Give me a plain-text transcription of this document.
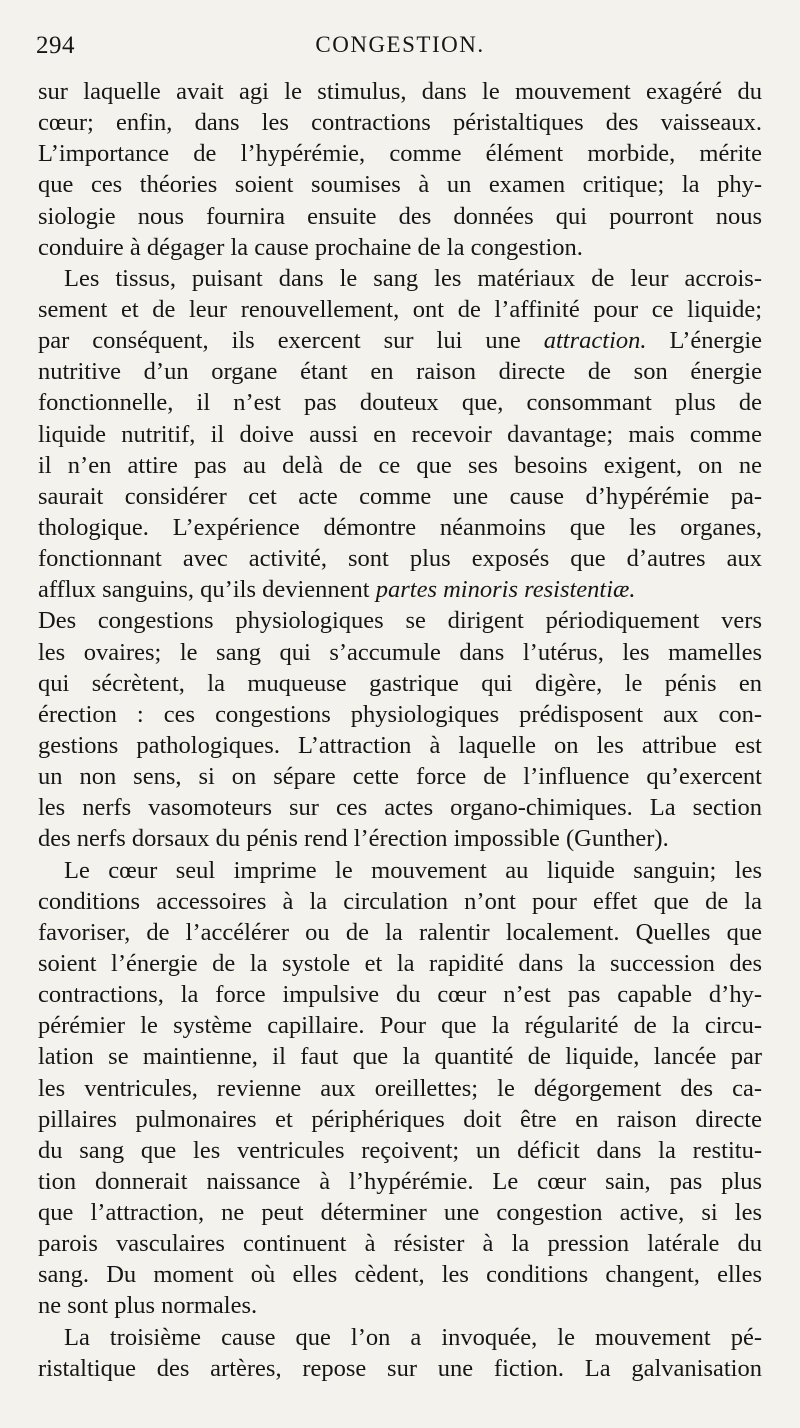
294	CONGESTION.
sur laquelle avait agi le stimulus, dans le mouvement exagéré du
cœur; enfin, dans les contractions péristaltiques des vaisseaux.
L’importance de l’hypérémie, comme élément morbide, mérite
que ces théories soient soumises à un examen critique; la phy-
siologie nous fournira ensuite des données qui pourront nous
conduire à dégager la cause prochaine de la congestion.
Les tissus, puisant dans le sang les matériaux de leur accrois-
sement et de leur renouvellement, ont de l’affinité pour ce liquide;
par conséquent, ils exercent sur lui une attraction. L’énergie
nutritive d’un organe étant en raison directe de son énergie
fonctionnelle, il n’est pas douteux que, consommant plus de
liquide nutritif, il doive aussi en recevoir davantage; mais comme
il n’en attire pas au delà de ce que ses besoins exigent, on ne
saurait considérer cet acte comme une cause d’hypérémie pa-
thologique. L’expérience démontre néanmoins que les organes,
fonctionnant avec activité, sont plus exposés que d’autres aux
afflux sanguins, qu’ils deviennent partes minoris resistentiæ.
Des congestions physiologiques se dirigent périodiquement vers
les ovaires; le sang qui s’accumule dans l’utérus, les mamelles
qui sécrètent, la muqueuse gastrique qui digère, le pénis en
érection : ces congestions physiologiques prédisposent aux con-
gestions pathologiques. L’attraction à laquelle on les attribue est
un non sens, si on sépare cette force de l’influence qu’exercent
les nerfs vasomoteurs sur ces actes organo-chimiques. La section
des nerfs dorsaux du pénis rend l’érection impossible (Gunther).
Le cœur seul imprime le mouvement au liquide sanguin; les
conditions accessoires à la circulation n’ont pour effet que de la
favoriser, de l’accélérer ou de la ralentir localement. Quelles que
soient l’énergie de la systole et la rapidité dans la succession des
contractions, la force impulsive du cœur n’est pas capable d’hy-
pérémier le système capillaire. Pour que la régularité de la circu-
lation se maintienne, il faut que la quantité de liquide, lancée par
les ventricules, revienne aux oreillettes; le dégorgement des ca-
pillaires pulmonaires et périphériques doit être en raison directe
du sang que les ventricules reçoivent; un déficit dans la restitu-
tion donnerait naissance à l’hypérémie. Le cœur sain, pas plus
que l’attraction, ne peut déterminer une congestion active, si les
parois vasculaires continuent à résister à la pression latérale du
sang. Du moment où elles cèdent, les conditions changent, elles
ne sont plus normales.
La troisième cause que l’on a invoquée, le mouvement pé-
ristaltique des artères, repose sur une fiction. La galvanisation
